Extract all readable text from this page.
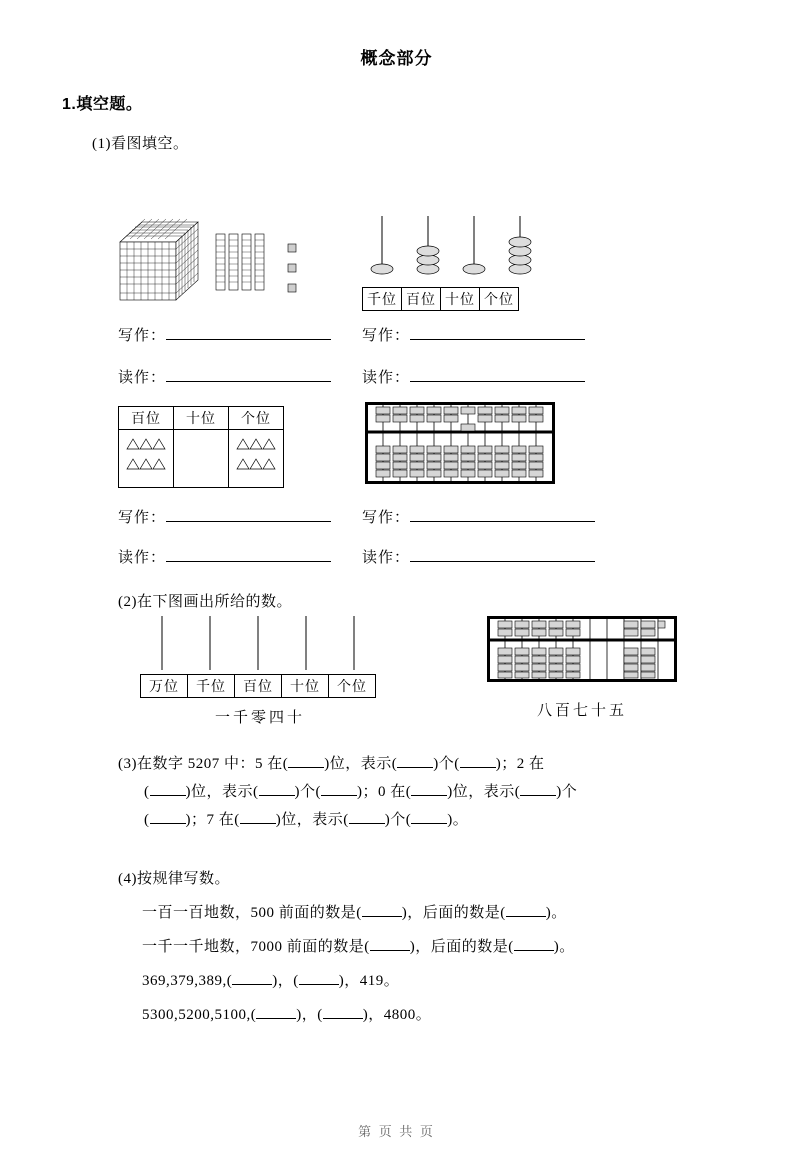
概念部分
1.填空题。
(1)看图填空。
千位	百位	十位	个位
写作：
读作：
写作：
读作：
百位	十位	个位

写作：
读作：
写作：
读作：
(2)在下图画出所给的数。
万位	千位	百位	十位	个位
一千零四十	八百七十五
(3)在数字 5207 中：5 在( )位，表示( )个( )；2 在
( )位，表示( )个( )；0 在( )位，表示( )个
( )；7 在( )位，表示( )个( )。
(4)按规律写数。
一百一百地数，500 前面的数是(	)，后面的数是(	)。
一千一千地数，7000 前面的数是(	)，后面的数是(	)。
369,379,389,(	)，(	)，419。
5300,5200,5100,(	)，(	)，4800。
第 页 共 页
